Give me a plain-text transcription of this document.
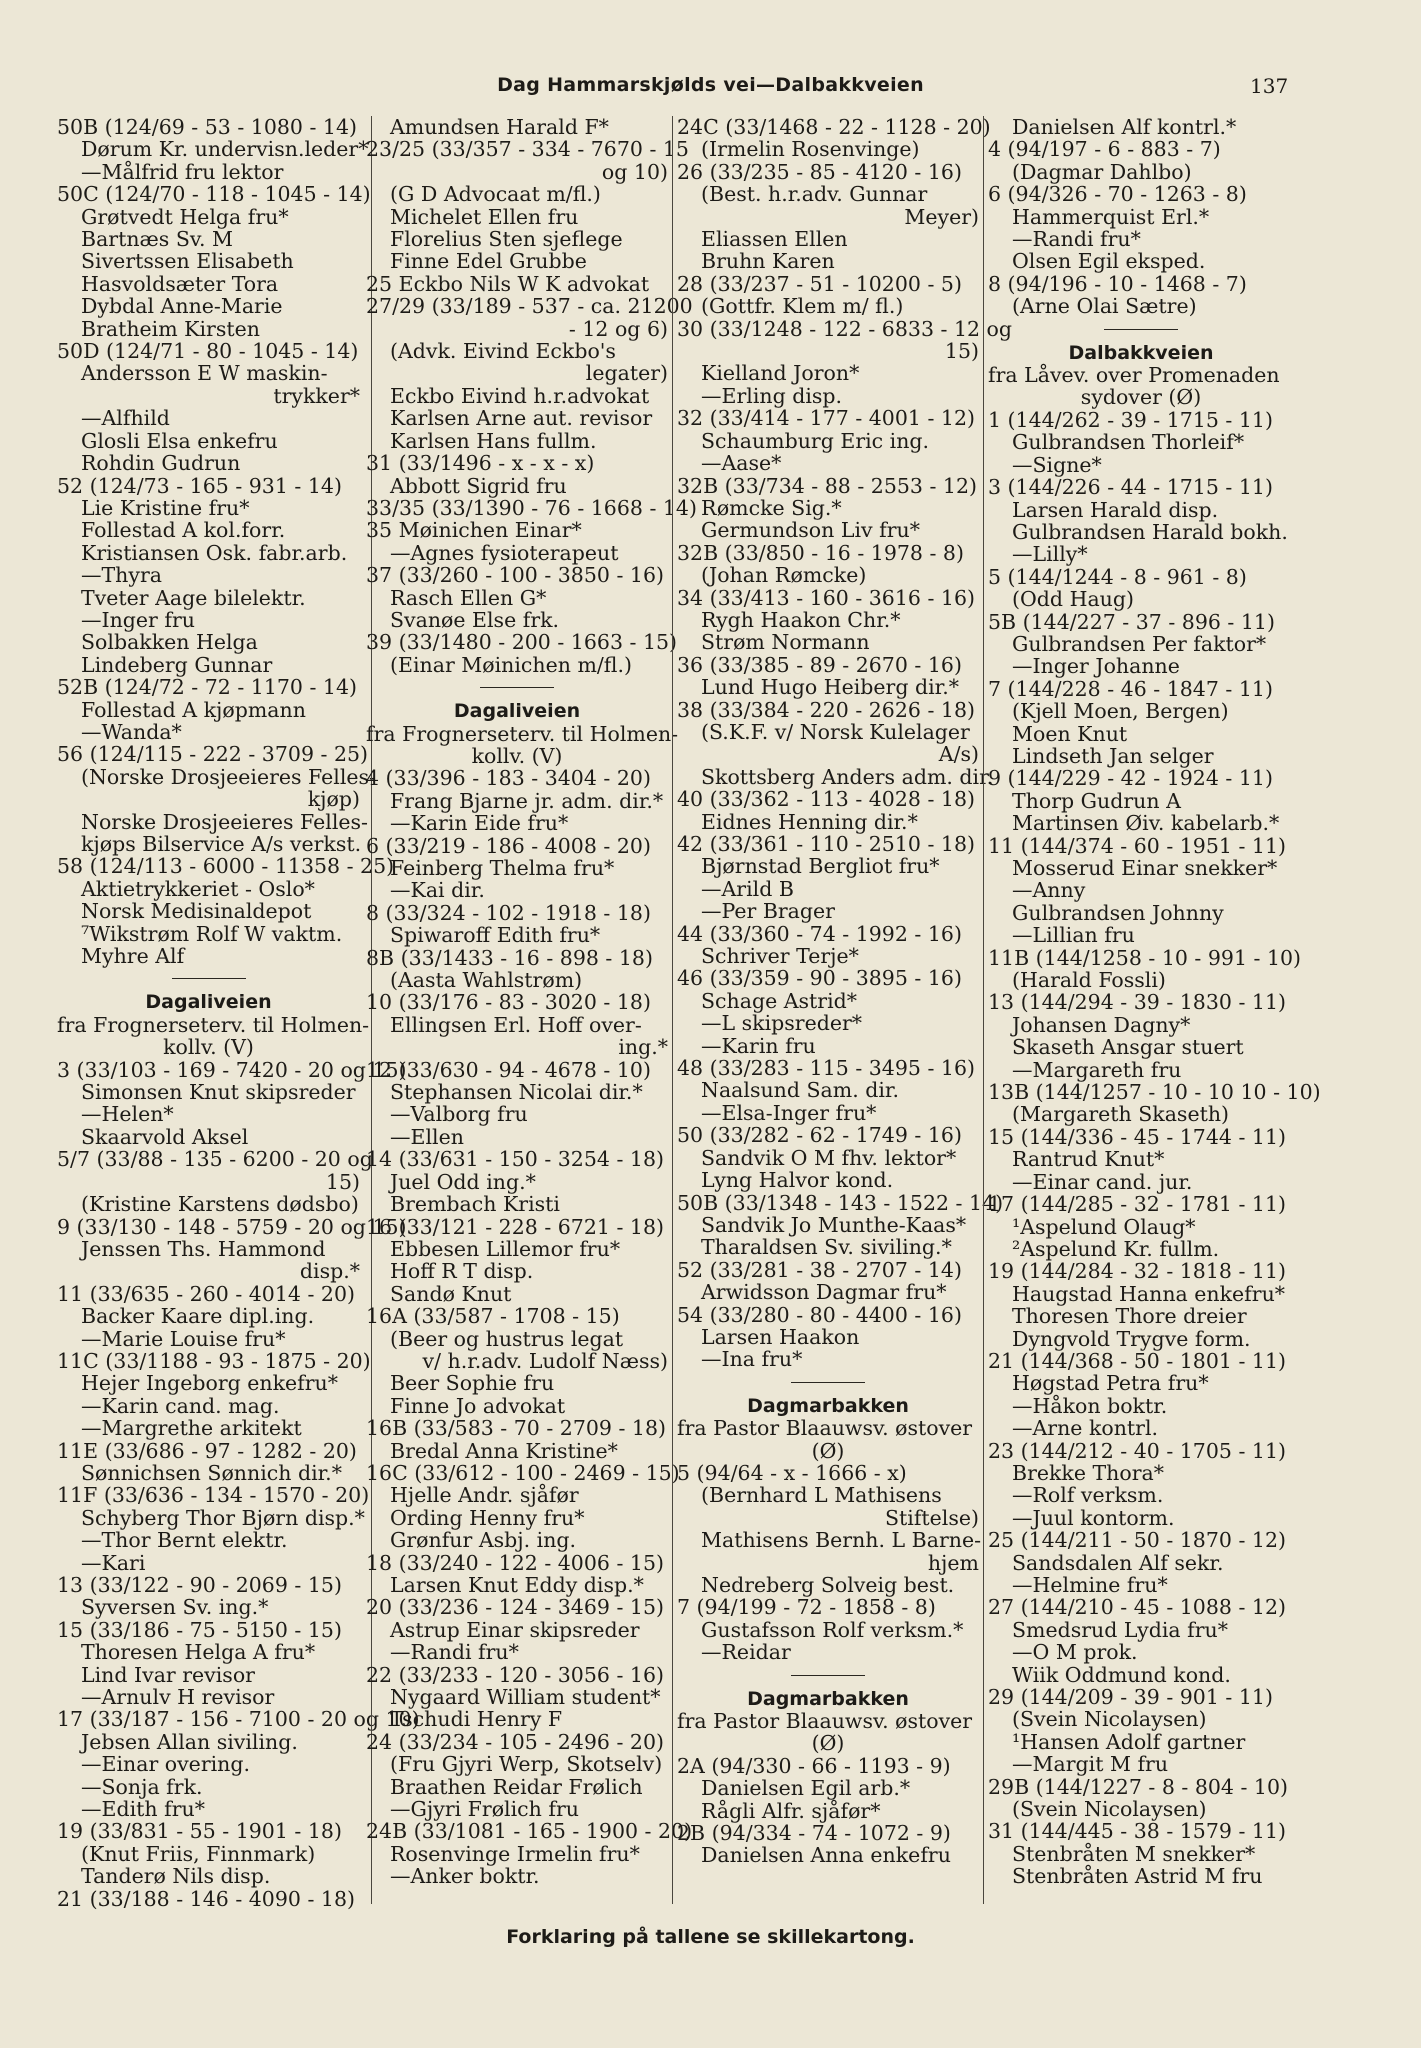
Dag Hammarskjølds vei—Dalbakkveien	137
50B (124/69 - 53 - 1080 - 14)
Dørum Kr. undervisn.leder*
—Målfrid fru lektor
50C (124/70 - 118 - 1045 - 14)
Grøtvedt Helga fru*
Bartnæs Sv. M
Sivertssen Elisabeth
Hasvoldsæter Tora
Dybdal Anne-Marie
Bratheim Kirsten
50D (124/71 - 80 - 1045 - 14)
Andersson E W maskin-
trykker*
—Alfhild
Glosli Elsa enkefru
Rohdin Gudrun
52 (124/73 - 165 - 931 - 14)
Lie Kristine fru*
Follestad A kol.forr.
Kristiansen Osk. fabr.arb.
—Thyra
Tveter Aage bilelektr.
—Inger fru
Solbakken Helga
Lindeberg Gunnar
52B (124/72 - 72 - 1170 - 14)
Follestad A kjøpmann
—Wanda*
56 (124/115 - 222 - 3709 - 25)
(Norske Drosjeeieres Felles-
kjøp)
Norske Drosjeeieres Felles-
kjøps Bilservice A/s verkst.
58 (124/113 - 6000 - 11358 - 25)
Aktietrykkeriet - Oslo*
Norsk Medisinaldepot
⁷Wikstrøm Rolf W vaktm.
Myhre Alf
Dagaliveien
fra Frognerseterv. til Holmen-
kollv. (V)
3 (33/103 - 169 - 7420 - 20 og 15)
Simonsen Knut skipsreder
—Helen*
Skaarvold Aksel
5/7 (33/88 - 135 - 6200 - 20 og
15)
(Kristine Karstens dødsbo)
9 (33/130 - 148 - 5759 - 20 og 15)
Jenssen Ths. Hammond
disp.*
11 (33/635 - 260 - 4014 - 20)
Backer Kaare dipl.ing.
—Marie Louise fru*
11C (33/1188 - 93 - 1875 - 20)
Hejer Ingeborg enkefru*
—Karin cand. mag.
—Margrethe arkitekt
11E (33/686 - 97 - 1282 - 20)
Sønnichsen Sønnich dir.*
11F (33/636 - 134 - 1570 - 20)
Schyberg Thor Bjørn disp.*
—Thor Bernt elektr.
—Kari
13 (33/122 - 90 - 2069 - 15)
Syversen Sv. ing.*
15 (33/186 - 75 - 5150 - 15)
Thoresen Helga A fru*
Lind Ivar revisor
—Arnulv H revisor
17 (33/187 - 156 - 7100 - 20 og 10)
Jebsen Allan siviling.
—Einar overing.
—Sonja frk.
—Edith fru*
19 (33/831 - 55 - 1901 - 18)
(Knut Friis, Finnmark)
Tanderø Nils disp.
21 (33/188 - 146 - 4090 - 18)
Amundsen Harald F*
23/25 (33/357 - 334 - 7670 - 15
og 10)
(G D Advocaat m/fl.)
Michelet Ellen fru
Florelius Sten sjeflege
Finne Edel Grubbe
25 Eckbo Nils W K advokat
27/29 (33/189 - 537 - ca. 21200
- 12 og 6)
(Advk. Eivind Eckbo's
legater)
Eckbo Eivind h.r.advokat
Karlsen Arne aut. revisor
Karlsen Hans fullm.
31 (33/1496 - x - x - x)
Abbott Sigrid fru
33/35 (33/1390 - 76 - 1668 - 14)
35 Møinichen Einar*
—Agnes fysioterapeut
37 (33/260 - 100 - 3850 - 16)
Rasch Ellen G*
Svanøe Else frk.
39 (33/1480 - 200 - 1663 - 15)
(Einar Møinichen m/fl.)
Dagaliveien
fra Frognerseterv. til Holmen-
kollv. (V)
4 (33/396 - 183 - 3404 - 20)
Frang Bjarne jr. adm. dir.*
—Karin Eide fru*
6 (33/219 - 186 - 4008 - 20)
Feinberg Thelma fru*
—Kai dir.
8 (33/324 - 102 - 1918 - 18)
Spiwaroff Edith fru*
8B (33/1433 - 16 - 898 - 18)
(Aasta Wahlstrøm)
10 (33/176 - 83 - 3020 - 18)
Ellingsen Erl. Hoff over-
ing.*
12 (33/630 - 94 - 4678 - 10)
Stephansen Nicolai dir.*
—Valborg fru
—Ellen
14 (33/631 - 150 - 3254 - 18)
Juel Odd ing.*
Brembach Kristi
16 (33/121 - 228 - 6721 - 18)
Ebbesen Lillemor fru*
Hoff R T disp.
Sandø Knut
16A (33/587 - 1708 - 15)
(Beer og hustrus legat
v/ h.r.adv. Ludolf Næss)
Beer Sophie fru
Finne Jo advokat
16B (33/583 - 70 - 2709 - 18)
Bredal Anna Kristine*
16C (33/612 - 100 - 2469 - 15)
Hjelle Andr. sjåfør
Ording Henny fru*
Grønfur Asbj. ing.
18 (33/240 - 122 - 4006 - 15)
Larsen Knut Eddy disp.*
20 (33/236 - 124 - 3469 - 15)
Astrup Einar skipsreder
—Randi fru*
22 (33/233 - 120 - 3056 - 16)
Nygaard William student*
Tschudi Henry F
24 (33/234 - 105 - 2496 - 20)
(Fru Gjyri Werp, Skotselv)
Braathen Reidar Frølich
—Gjyri Frølich fru
24B (33/1081 - 165 - 1900 - 20)
Rosenvinge Irmelin fru*
—Anker boktr.
24C (33/1468 - 22 - 1128 - 20)
(Irmelin Rosenvinge)
26 (33/235 - 85 - 4120 - 16)
(Best. h.r.adv. Gunnar
Meyer)
Eliassen Ellen
Bruhn Karen
28 (33/237 - 51 - 10200 - 5)
(Gottfr. Klem m/ fl.)
30 (33/1248 - 122 - 6833 - 12 og
15)
Kielland Joron*
—Erling disp.
32 (33/414 - 177 - 4001 - 12)
Schaumburg Eric ing.
—Aase*
32B (33/734 - 88 - 2553 - 12)
Rømcke Sig.*
Germundson Liv fru*
32B (33/850 - 16 - 1978 - 8)
(Johan Rømcke)
34 (33/413 - 160 - 3616 - 16)
Rygh Haakon Chr.*
Strøm Normann
36 (33/385 - 89 - 2670 - 16)
Lund Hugo Heiberg dir.*
38 (33/384 - 220 - 2626 - 18)
(S.K.F. v/ Norsk Kulelager
A/s)
Skottsberg Anders adm. dir.
40 (33/362 - 113 - 4028 - 18)
Eidnes Henning dir.*
42 (33/361 - 110 - 2510 - 18)
Bjørnstad Bergliot fru*
—Arild B
—Per Brager
44 (33/360 - 74 - 1992 - 16)
Schriver Terje*
46 (33/359 - 90 - 3895 - 16)
Schage Astrid*
—L skipsreder*
—Karin fru
48 (33/283 - 115 - 3495 - 16)
Naalsund Sam. dir.
—Elsa-Inger fru*
50 (33/282 - 62 - 1749 - 16)
Sandvik O M fhv. lektor*
Lyng Halvor kond.
50B (33/1348 - 143 - 1522 - 14)
Sandvik Jo Munthe-Kaas*
Tharaldsen Sv. siviling.*
52 (33/281 - 38 - 2707 - 14)
Arwidsson Dagmar fru*
54 (33/280 - 80 - 4400 - 16)
Larsen Haakon
—Ina fru*
Dagmarbakken
fra Pastor Blaauwsv. østover
(Ø)
5 (94/64 - x - 1666 - x)
(Bernhard L Mathisens
Stiftelse)
Mathisens Bernh. L Barne-
hjem
Nedreberg Solveig best.
7 (94/199 - 72 - 1858 - 8)
Gustafsson Rolf verksm.*
—Reidar
Dagmarbakken
fra Pastor Blaauwsv. østover
(Ø)
2A (94/330 - 66 - 1193 - 9)
Danielsen Egil arb.*
Rågli Alfr. sjåfør*
2B (94/334 - 74 - 1072 - 9)
Danielsen Anna enkefru
Danielsen Alf kontrl.*
4 (94/197 - 6 - 883 - 7)
(Dagmar Dahlbo)
6 (94/326 - 70 - 1263 - 8)
Hammerquist Erl.*
—Randi fru*
Olsen Egil eksped.
8 (94/196 - 10 - 1468 - 7)
(Arne Olai Sætre)
Dalbakkveien
fra Låvev. over Promenaden
sydover (Ø)
1 (144/262 - 39 - 1715 - 11)
Gulbrandsen Thorleif*
—Signe*
3 (144/226 - 44 - 1715 - 11)
Larsen Harald disp.
Gulbrandsen Harald bokh.
—Lilly*
5 (144/1244 - 8 - 961 - 8)
(Odd Haug)
5B (144/227 - 37 - 896 - 11)
Gulbrandsen Per faktor*
—Inger Johanne
7 (144/228 - 46 - 1847 - 11)
(Kjell Moen, Bergen)
Moen Knut
Lindseth Jan selger
9 (144/229 - 42 - 1924 - 11)
Thorp Gudrun A
Martinsen Øiv. kabelarb.*
11 (144/374 - 60 - 1951 - 11)
Mosserud Einar snekker*
—Anny
Gulbrandsen Johnny
—Lillian fru
11B (144/1258 - 10 - 991 - 10)
(Harald Fossli)
13 (144/294 - 39 - 1830 - 11)
Johansen Dagny*
Skaseth Ansgar stuert
—Margareth fru
13B (144/1257 - 10 - 10 10 - 10)
(Margareth Skaseth)
15 (144/336 - 45 - 1744 - 11)
Rantrud Knut*
—Einar cand. jur.
17 (144/285 - 32 - 1781 - 11)
¹Aspelund Olaug*
²Aspelund Kr. fullm.
19 (144/284 - 32 - 1818 - 11)
Haugstad Hanna enkefru*
Thoresen Thore dreier
Dyngvold Trygve form.
21 (144/368 - 50 - 1801 - 11)
Høgstad Petra fru*
—Håkon boktr.
—Arne kontrl.
23 (144/212 - 40 - 1705 - 11)
Brekke Thora*
—Rolf verksm.
—Juul kontorm.
25 (144/211 - 50 - 1870 - 12)
Sandsdalen Alf sekr.
—Helmine fru*
27 (144/210 - 45 - 1088 - 12)
Smedsrud Lydia fru*
—O M prok.
Wiik Oddmund kond.
29 (144/209 - 39 - 901 - 11)
(Svein Nicolaysen)
¹Hansen Adolf gartner
—Margit M fru
29B (144/1227 - 8 - 804 - 10)
(Svein Nicolaysen)
31 (144/445 - 38 - 1579 - 11)
Stenbråten M snekker*
Stenbråten Astrid M fru
Forklaring på tallene se skillekartong.
